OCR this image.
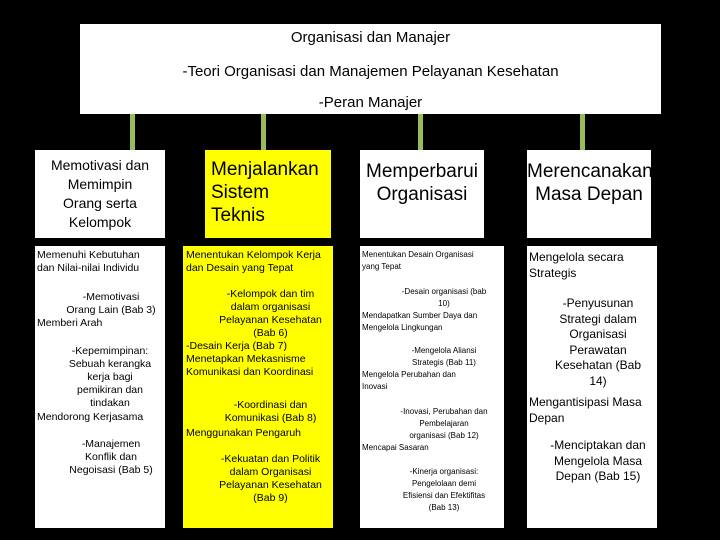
Organisasi dan Manajer
-Teori Organisasi dan Manajemen Pelayanan Kesehatan
-Peran Manajer
Memotivasi dan
Memimpin
Orang serta
Kelompok
Menjalankan
Sistem
Teknis
Memperbarui
Organisasi
Merencanakan
Masa Depan
Memenuhi Kebutuhan
dan Nilai-nilai Individu
-Memotivasi
Orang Lain (Bab 3)
Memberi Arah
-Kepemimpinan:
Sebuah kerangka
kerja bagi
pemikiran dan
tindakan
Mendorong Kerjasama
-Manajemen
Konflik dan
Negoisasi (Bab 5)
Menentukan Kelompok Kerja
dan Desain yang Tepat
-Kelompok dan tim
dalam organisasi
Pelayanan Kesehatan
(Bab 6)
-Desain Kerja (Bab 7)
Menetapkan Mekasnisme
Komunikasi dan Koordinasi
-Koordinasi dan
Komunikasi (Bab 8)
Menggunakan Pengaruh
-Kekuatan dan Politik
dalam Organisasi
Pelayanan Kesehatan
(Bab 9)
Menentukan Desain Organisasi
yang Tepat
-Desain organisasi (bab
10)
Mendapatkan Sumber Daya dan
Mengelola Lingkungan
-Mengelola Aliansi
Strategis (Bab 11)
Mengelola Perubahan dan
Inovasi
-Inovasi, Perubahan dan
Pembelajaran
organisasi (Bab 12)
Mencapai Sasaran
-Kinerja organisasi:
Pengelolaan demi
Efisiensi dan Efektifitas
(Bab 13)
Mengelola secara
Strategis
-Penyusunan
Strategi dalam
Organisasi
Perawatan
Kesehatan (Bab
14)
Mengantisipasi Masa
Depan
-Menciptakan dan
Mengelola Masa
Depan (Bab 15)
